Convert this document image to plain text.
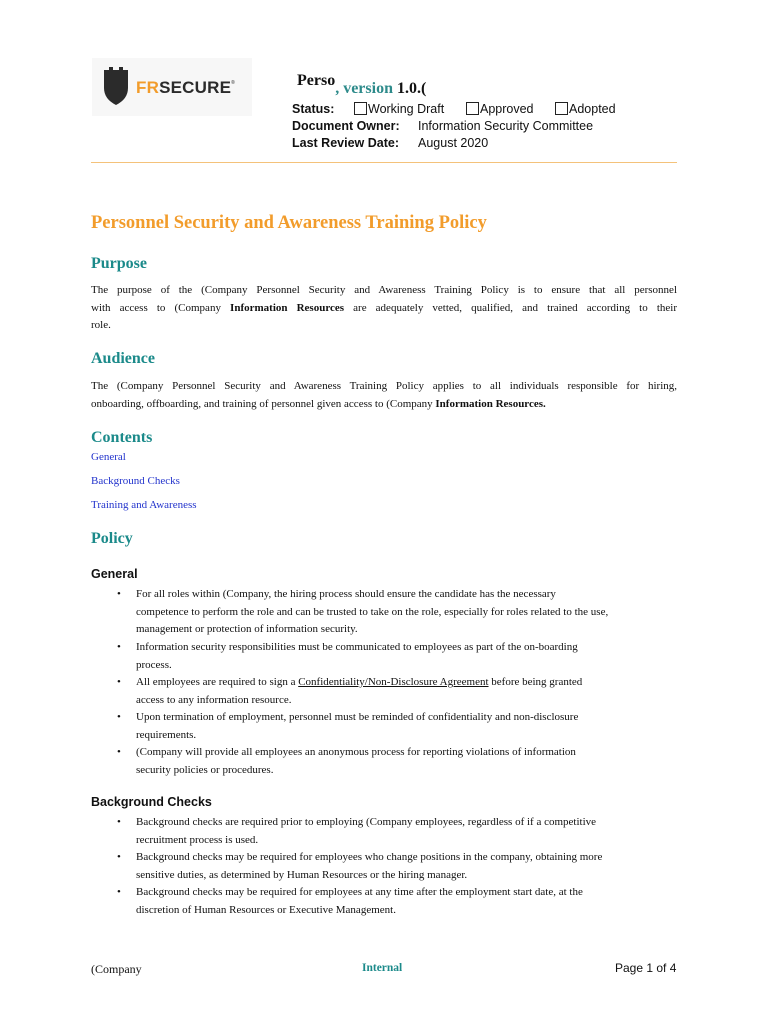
FRSECURE®	Perso, version 1.0.(
Status:	Working Draft	Approved	Adopted
Document Owner: Information Security Committee
Last Review Date: August 2020
Personnel Security and Awareness Training Policy
Purpose
The purpose of the (Company Personnel Security and Awareness Training Policy is to ensure that all personnel
with access to (Company Information Resources are adequately vetted, qualified, and trained according to their
role.
Audience
The (Company Personnel Security and Awareness Training Policy applies to all individuals responsible for hiring,
onboarding, offboarding, and training of personnel given access to (Company Information Resources.
Contents
General
Background Checks
Training and Awareness
Policy
General
• For all roles within (Company, the hiring process should ensure the candidate has the necessary
competence to perform the role and can be trusted to take on the role, especially for roles related to the use,
management or protection of information security.
• Information security responsibilities must be communicated to employees as part of the on-boarding
process.
• All employees are required to sign a Confidentiality/Non-Disclosure Agreement before being granted
access to any information resource.
• Upon termination of employment, personnel must be reminded of confidentiality and non-disclosure
requirements.
• (Company will provide all employees an anonymous process for reporting violations of information
security policies or procedures.
Background Checks
• Background checks are required prior to employing (Company employees, regardless of if a competitive
recruitment process is used.
• Background checks may be required for employees who change positions in the company, obtaining more
sensitive duties, as determined by Human Resources or the hiring manager.
• Background checks may be required for employees at any time after the employment start date, at the
discretion of Human Resources or Executive Management.
(Company	Internal	Page 1 of 4
